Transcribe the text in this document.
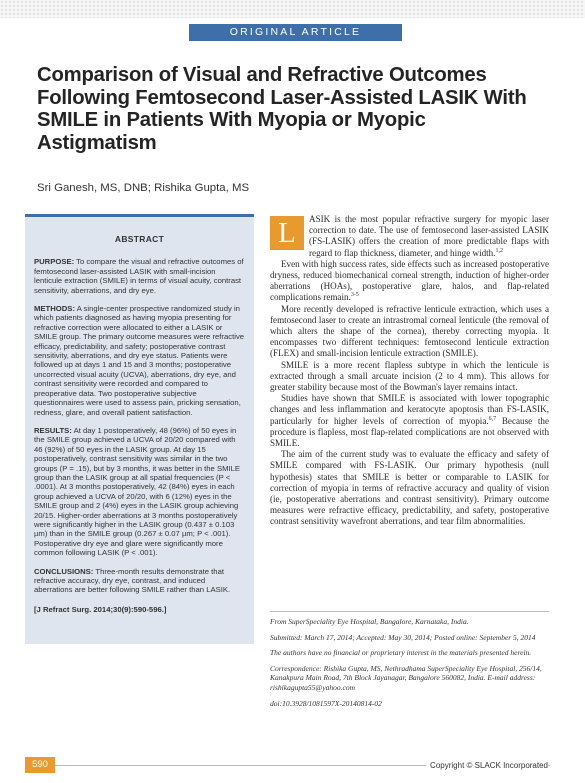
ORIGINAL ARTICLE
Comparison of Visual and Refractive Outcomes Following Femtosecond Laser-Assisted LASIK With SMILE in Patients With Myopia or Myopic Astigmatism
Sri Ganesh, MS, DNB; Rishika Gupta, MS
ABSTRACT

PURPOSE: To compare the visual and refractive outcomes of femtosecond laser-assisted LASIK with small-incision lenticule extraction (SMILE) in terms of visual acuity, contrast sensitivity, aberrations, and dry eye.

METHODS: A single-center prospective randomized study in which patients diagnosed as having myopia presenting for refractive correction were allocated to either a LASIK or SMILE group. The primary outcome measures were refractive efficacy, predictability, and safety; postoperative contrast sensitivity, aberrations, and dry eye status. Patients were followed up at days 1 and 15 and 3 months; postoperative uncorrected visual acuity (UCVA), aberrations, dry eye, and contrast sensitivity were recorded and compared to preoperative data. Two postoperative subjective questionnaires were used to assess pain, pricking sensation, redness, glare, and overall patient satisfaction.

RESULTS: At day 1 postoperatively, 48 (96%) of 50 eyes in the SMILE group achieved a UCVA of 20/20 compared with 46 (92%) of 50 eyes in the LASIK group. At day 15 postoperatively, contrast sensitivity was similar in the two groups (P = .15), but by 3 months, it was better in the SMILE group than the LASIK group at all spatial frequencies (P < .0001). At 3 months postoperatively, 42 (84%) eyes in each group achieved a UCVA of 20/20, with 6 (12%) eyes in the SMILE group and 2 (4%) eyes in the LASIK group achieving 20/15. Higher-order aberrations at 3 months postoperatively were significantly higher in the LASIK group (0.437 ± 0.103 µm) than in the SMILE group (0.267 ± 0.07 µm; P < .001). Postoperative dry eye and glare were significantly more common following LASIK (P < .001).

CONCLUSIONS: Three-month results demonstrate that refractive accuracy, dry eye, contrast, and induced aberrations are better following SMILE rather than LASIK.

[J Refract Surg. 2014;30(9):590-596.]

L	ASIK is the most popular refractive surgery for myopic laser correction to date. The use of femtosecond laser-assisted LASIK (FS-LASIK) offers the creation of more predictable flaps with regard to flap thickness, diameter, and hinge width.$^{1,2}$

Even with high success rates, side effects such as increased postoperative dryness, reduced biomechanical corneal strength, induction of higher-order aberrations (HOAs), postoperative glare, halos, and flap-related complications remain.$^{3-5}$

More recently developed is refractive lenticule extraction, which uses a femtosecond laser to create an intrastromal corneal lenticule (the removal of which alters the shape of the cornea), thereby correcting myopia. It encompasses two different techniques: femtosecond lenticule extraction (FLEX) and small-incision lenticule extraction (SMILE).

SMILE is a more recent flapless subtype in which the lenticule is extracted through a small arcuate incision (2 to 4 mm). This allows for greater stability because most of the Bowman's layer remains intact.

Studies have shown that SMILE is associated with lower topographic changes and less inflammation and keratocyte apoptosis than FS-LASIK, particularly for higher levels of correction of myopia.$^{6,7}$ Because the procedure is flapless, most flap-related complications are not observed with SMILE.

The aim of the current study was to evaluate the efficacy and safety of SMILE compared with FS-LASIK. Our primary hypothesis (null hypothesis) states that SMILE is better or comparable to LASIK for correction of myopia in terms of refractive accuracy and quality of vision (ie, postoperative aberrations and contrast sensitivity). Primary outcome measures were refractive efficacy, predictability, and safety, postoperative contrast sensitivity wavefront aberrations, and tear film abnormalities.

From SuperSpeciality Eye Hospital, Bangalore, Karnataka, India.

Submitted: March 17, 2014; Accepted: May 30, 2014; Posted online: September 5, 2014

The authors have no financial or proprietary interest in the materials presented herein.

Correspondence: Rishika Gupta, MS, Nethradhama SuperSpeciality Eye Hospital, 256/14, Kanakpura Main Road, 7th Block Jayanagar, Bangalore 560082, India. E-mail address: rishikagupta55@yahoo.com

doi:10.3928/1081597X-20140814-02

590	Copyright © SLACK Incorporated
